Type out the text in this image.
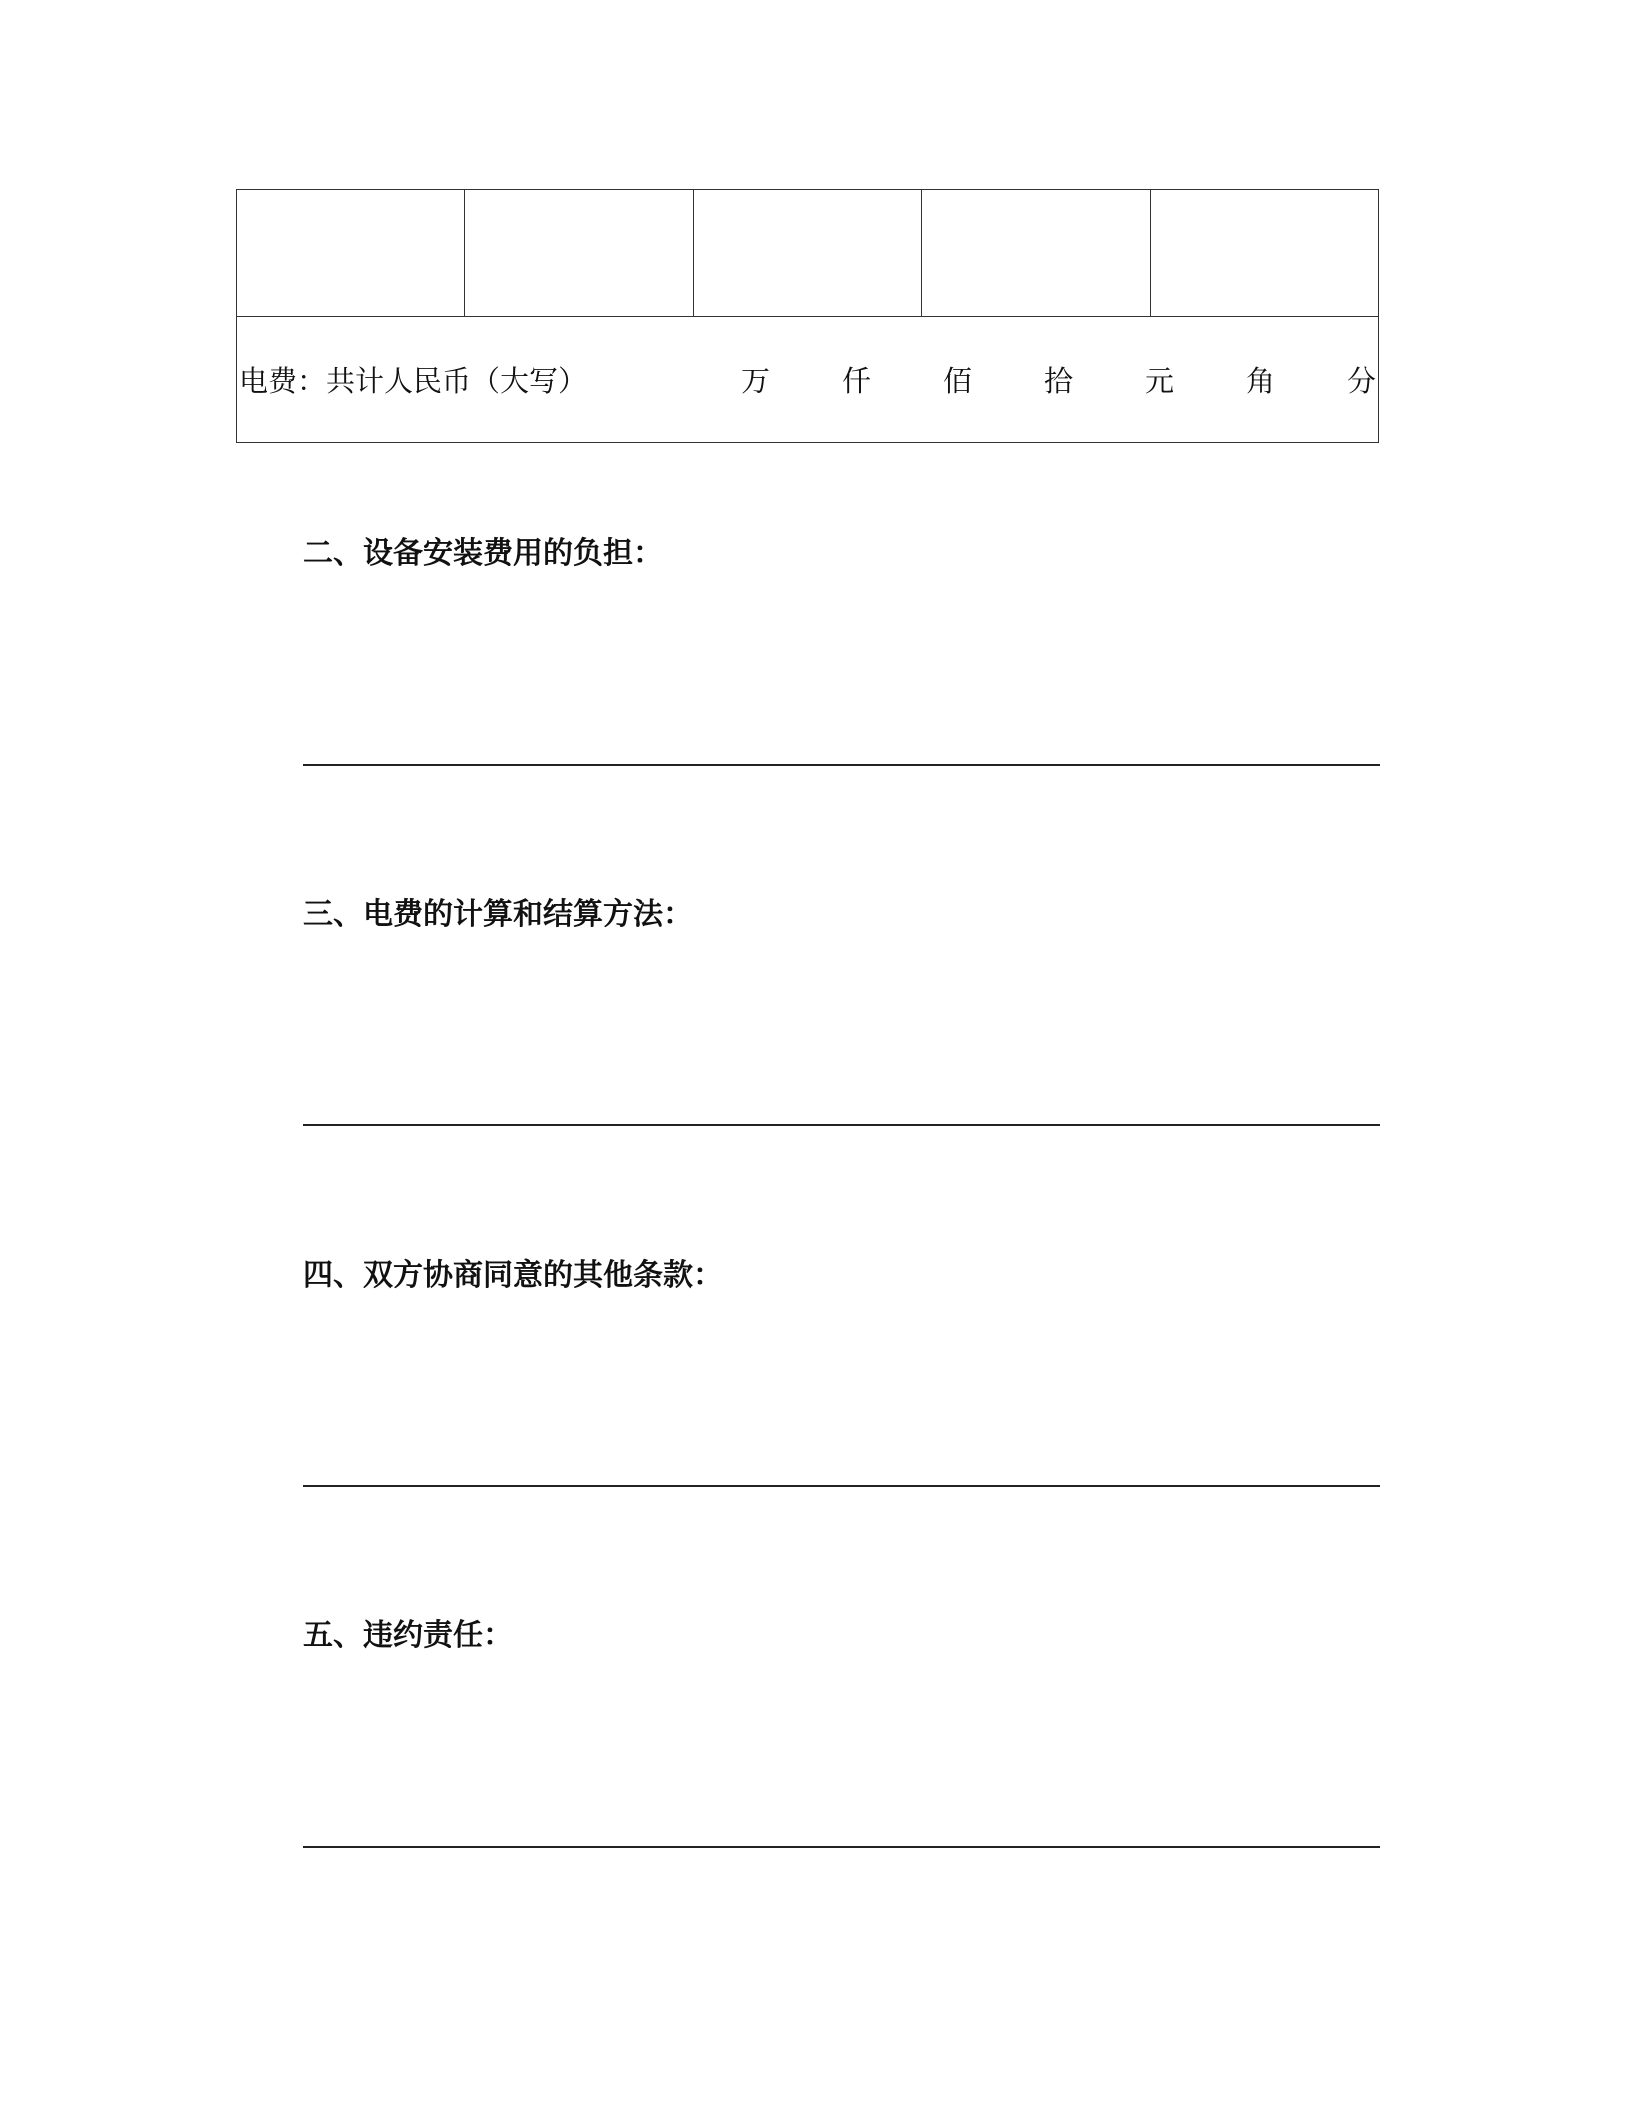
电费：共计人民币（大写）	万	仟	佰	拾	元	角	分
二、设备安装费用的负担：
三、电费的计算和结算方法：
四、双方协商同意的其他条款：
五、违约责任：
